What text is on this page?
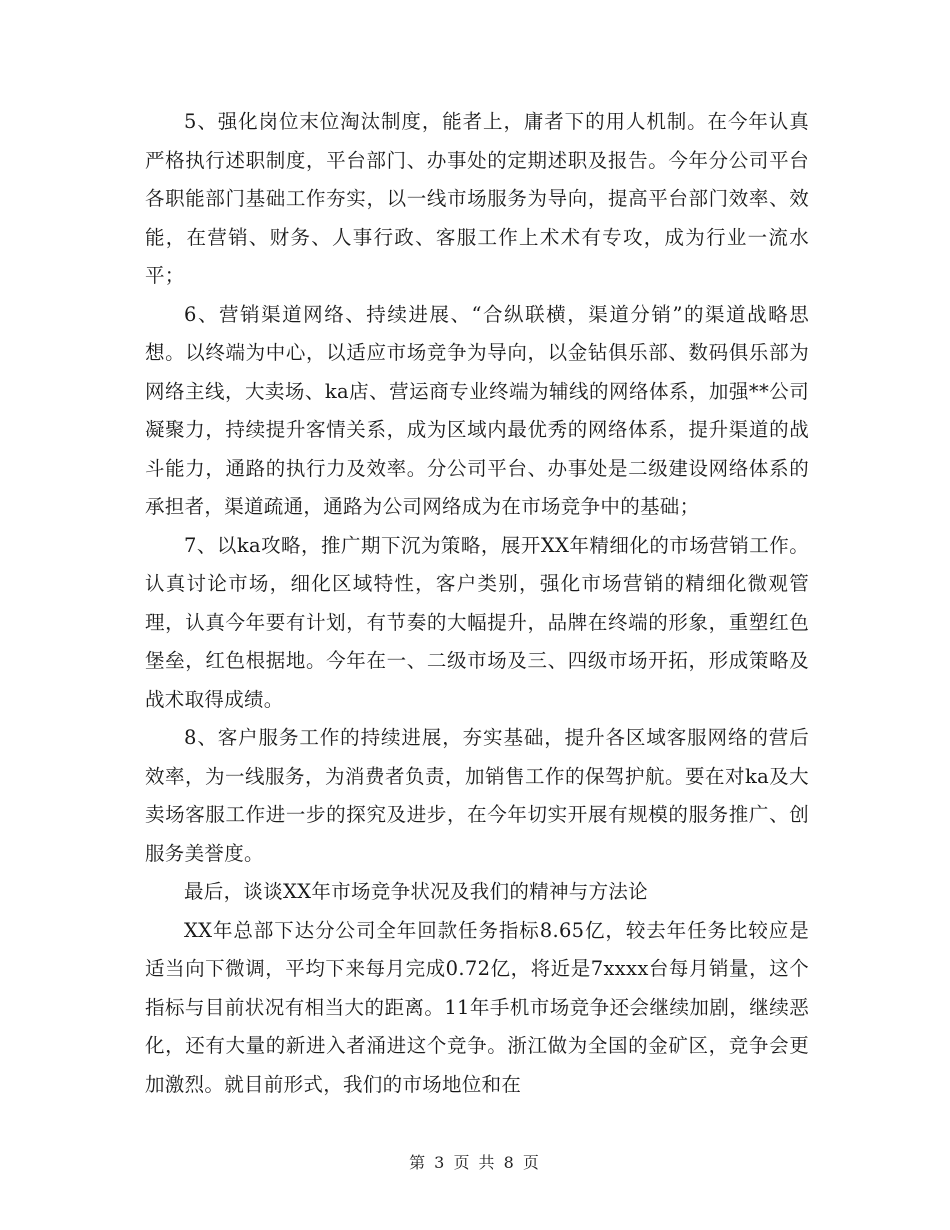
5、强化岗位末位淘汰制度，能者上，庸者下的用人机制。在今年认真严格执行述职制度，平台部门、办事处的定期述职及报告。今年分公司平台各职能部门基础工作夯实，以一线市场服务为导向，提高平台部门效率、效能，在营销、财务、人事行政、客服工作上术术有专攻，成为行业一流水平；

6、营销渠道网络、持续进展、“合纵联横，渠道分销”的渠道战略思想。以终端为中心，以适应市场竞争为导向，以金钻俱乐部、数码俱乐部为网络主线，大卖场、ka店、营运商专业终端为辅线的网络体系，加强**公司凝聚力，持续提升客情关系，成为区域内最优秀的网络体系，提升渠道的战斗能力，通路的执行力及效率。分公司平台、办事处是二级建设网络体系的承担者，渠道疏通，通路为公司网络成为在市场竞争中的基础；

7、以ka攻略，推广期下沉为策略，展开XX年精细化的市场营销工作。认真讨论市场，细化区域特性，客户类别，强化市场营销的精细化微观管理，认真今年要有计划，有节奏的大幅提升，品牌在终端的形象，重塑红色堡垒，红色根据地。今年在一、二级市场及三、四级市场开拓，形成策略及战术取得成绩。

8、客户服务工作的持续进展，夯实基础，提升各区域客服网络的营后效率，为一线服务，为消费者负责，加销售工作的保驾护航。要在对ka及大卖场客服工作进一步的探究及进步，在今年切实开展有规模的服务推广、创服务美誉度。

最后，谈谈XX年市场竞争状况及我们的精神与方法论

XX年总部下达分公司全年回款任务指标8.65亿，较去年任务比较应是适当向下微调，平均下来每月完成0.72亿，将近是7xxxx台每月销量，这个指标与目前状况有相当大的距离。11年手机市场竞争还会继续加剧，继续恶化，还有大量的新进入者涌进这个竞争。浙江做为全国的金矿区，竞争会更加激烈。就目前形式，我们的市场地位和在

第 3 页 共 8 页
